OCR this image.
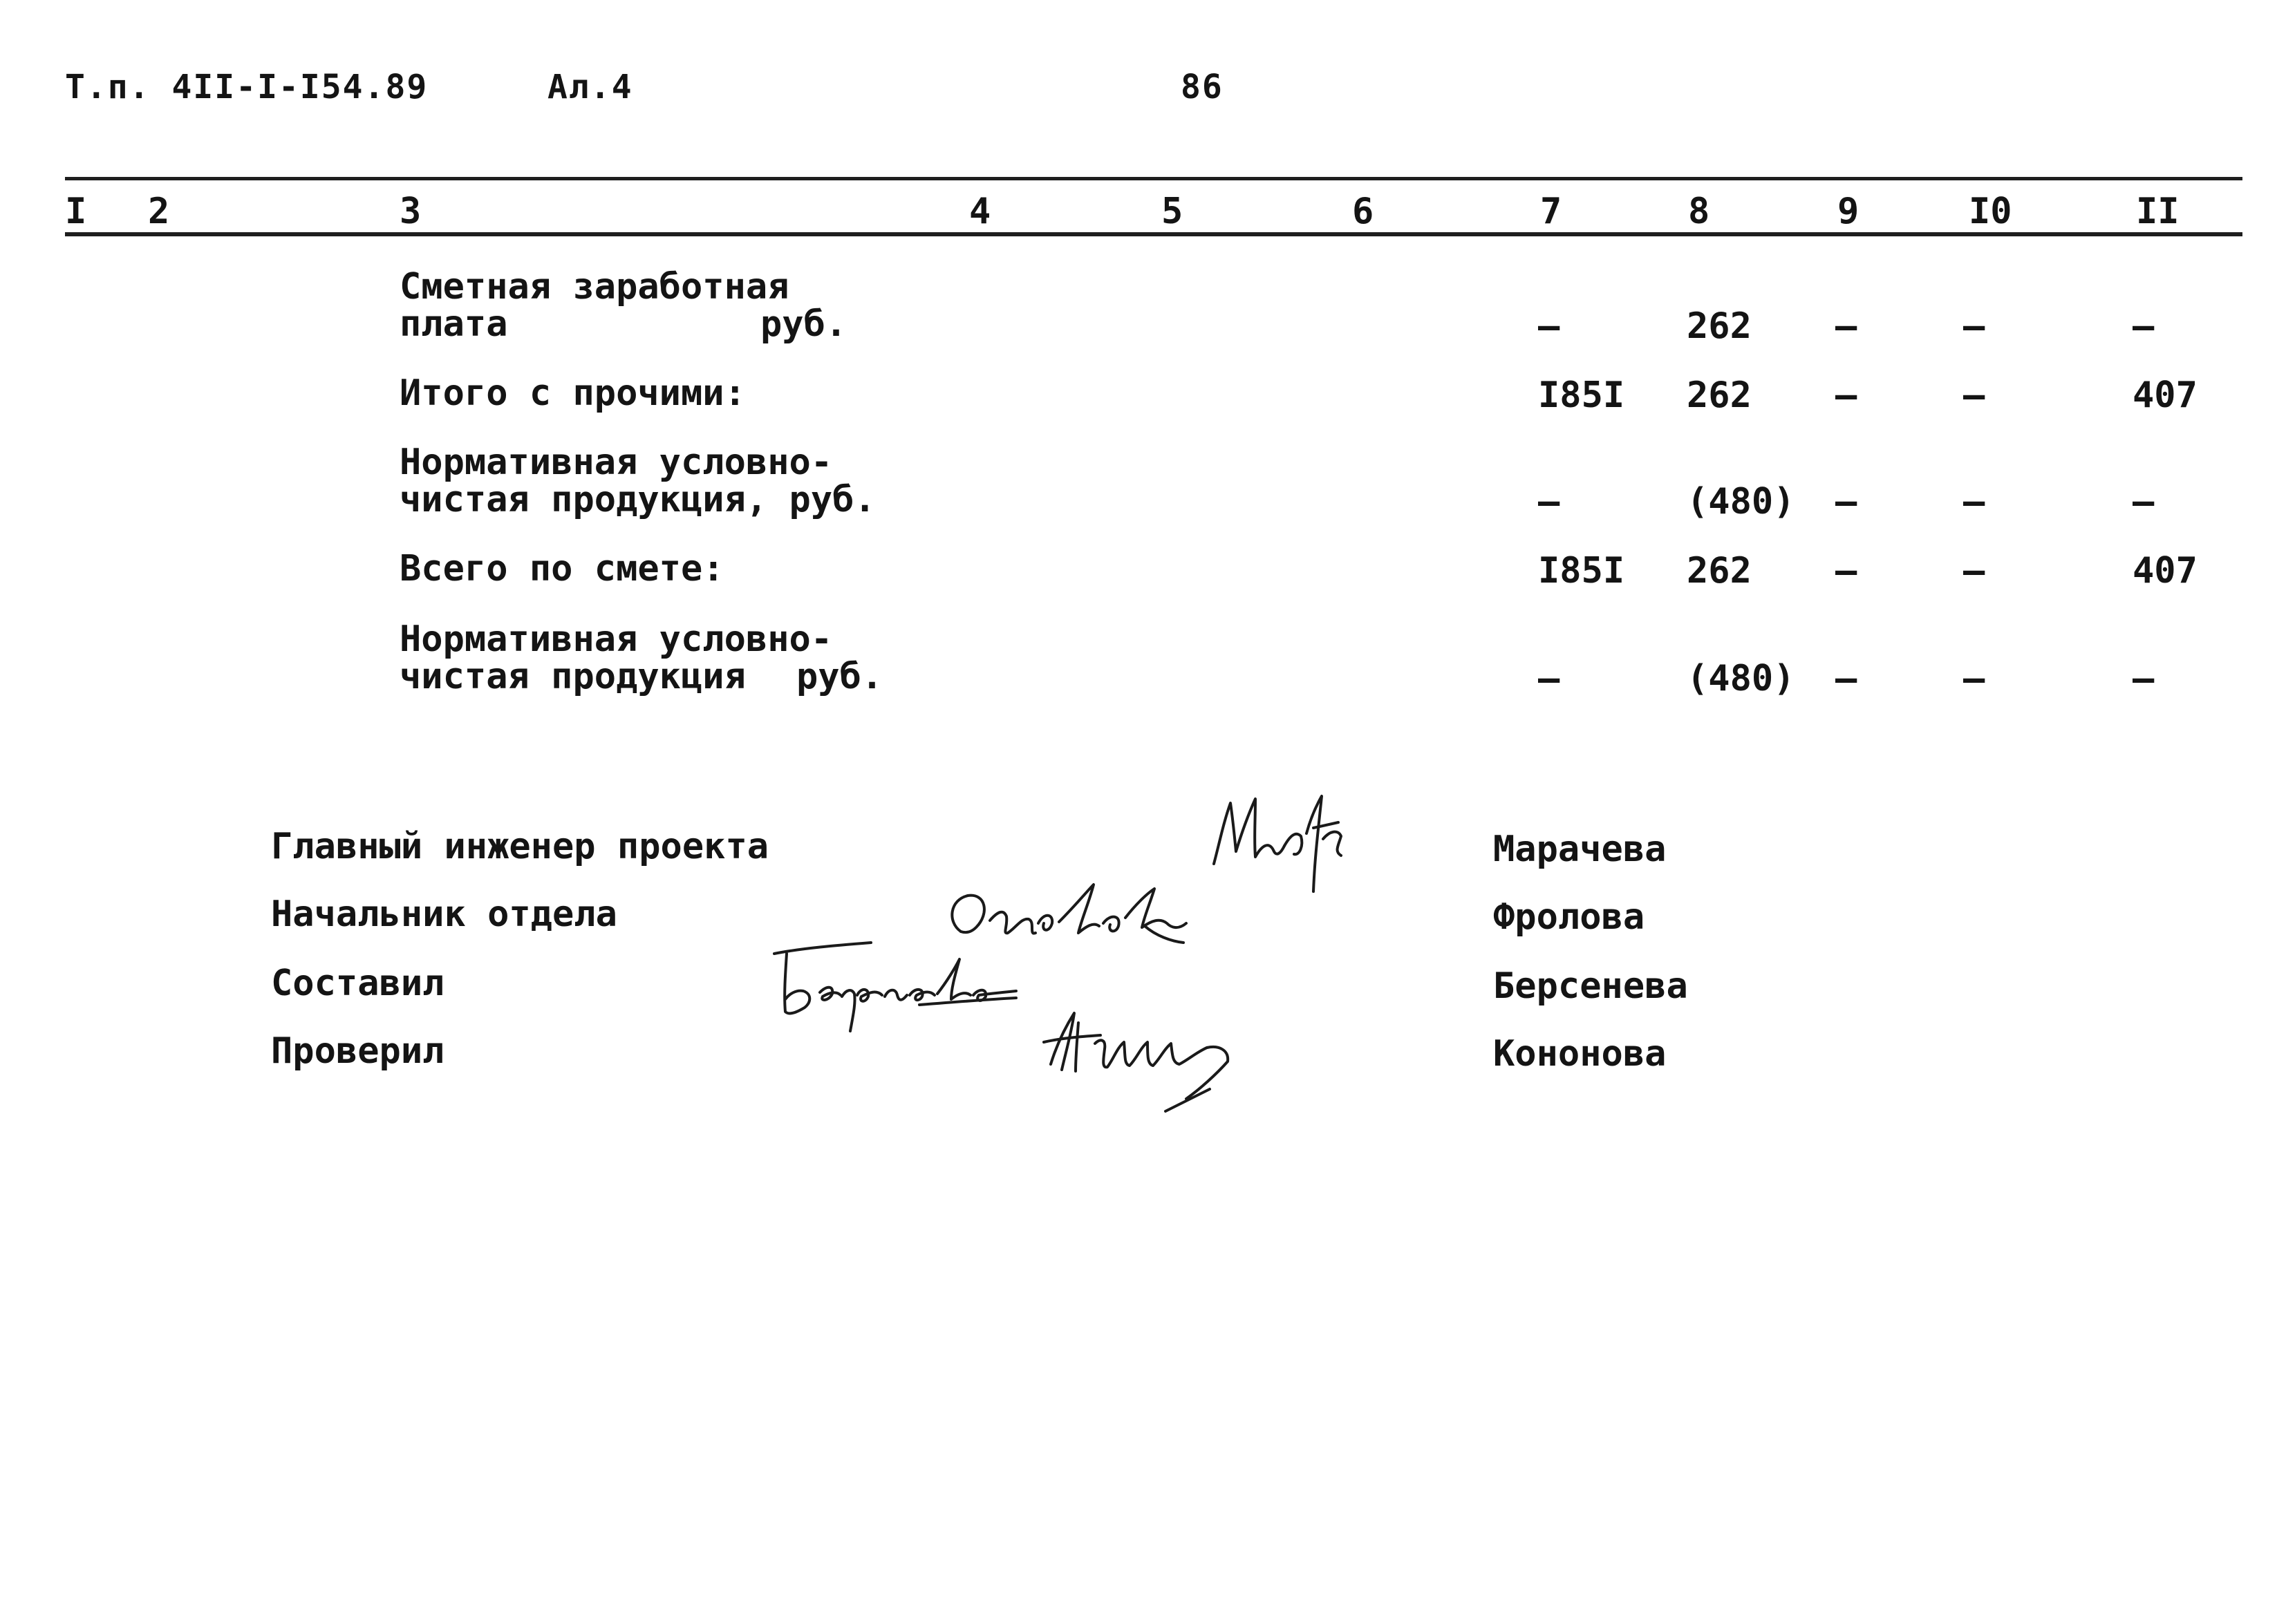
Т.п. 4II-I-I54.89	Ал.4	86
I 2	3	4	5	6	7	8	9	I0	II
Сметная заработная
плата	руб.	–	262 –	–	–
Итого с прочими:	I85I 262 –	–	407
Нормативная условно-
чистая продукция, руб.	–	(480) –	–	–
Всего по смете:	I85I 262 –	–	407
Нормативная условно-
чистая продукция руб.	–	(480) –	–	–
Главный инженер проекта	Марачева
Начальник отдела	Фролова
Составил	Берсенева
Проверил	Кононова
